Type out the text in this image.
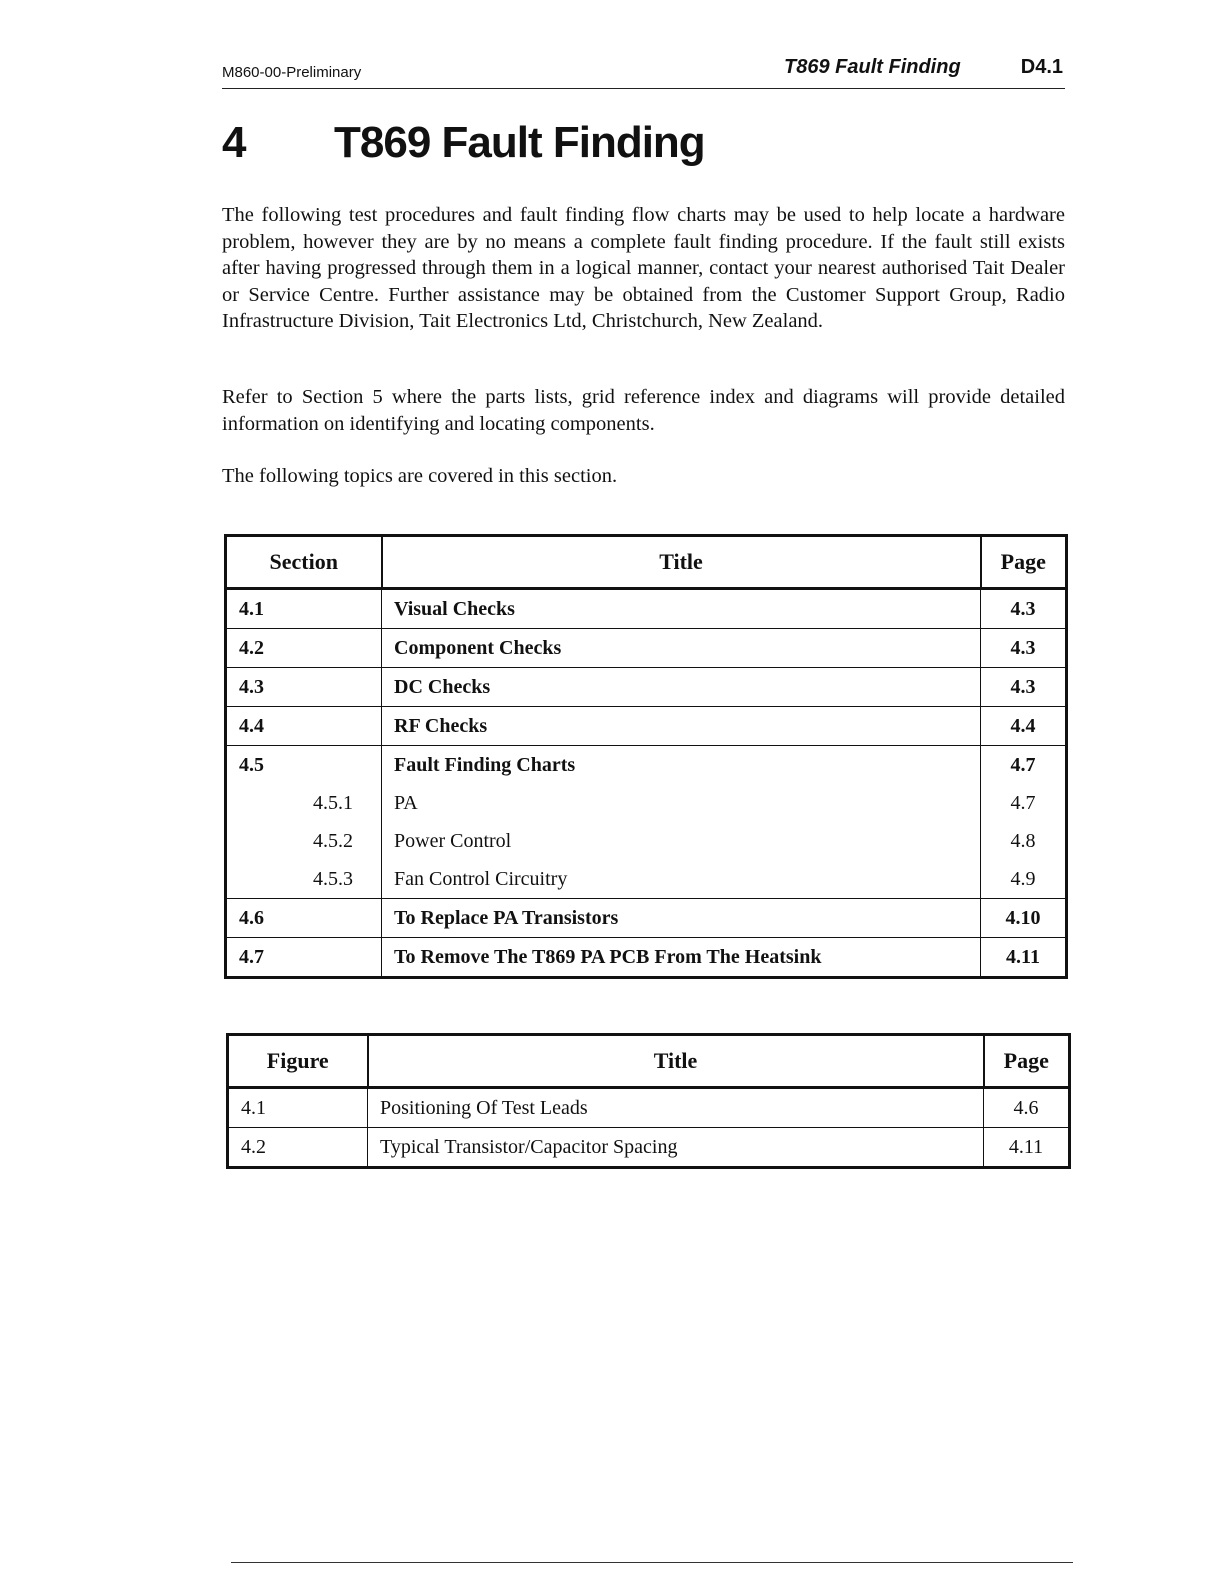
M860-00-Preliminary	T869 Fault Finding	D4.1
4 T869 Fault Finding

The following test procedures and fault finding flow charts may be used to help locate a hardware problem, however they are by no means a complete fault finding procedure. If the fault still exists after having progressed through them in a logical manner, contact your nearest authorised Tait Dealer or Service Centre. Further assistance may be obtained from the Customer Support Group, Radio Infrastructure Division, Tait Electronics Ltd, Christchurch, New Zealand.

Refer to Section 5 where the parts lists, grid reference index and diagrams will provide detailed information on identifying and locating components.

The following topics are covered in this section.

Section	Title	Page
4.1	Visual Checks	4.3
4.2	Component Checks	4.3
4.3	DC Checks	4.3
4.4	RF Checks	4.4
4.5	Fault Finding Charts	4.7
4.5.1	PA	4.7
4.5.2	Power Control	4.8
4.5.3	Fan Control Circuitry	4.9
4.6	To Replace PA Transistors	4.10
4.7	To Remove The T869 PA PCB From The Heatsink	4.11
Figure	Title	Page
4.1	Positioning Of Test Leads	4.6
4.2	Typical Transistor/Capacitor Spacing	4.11
